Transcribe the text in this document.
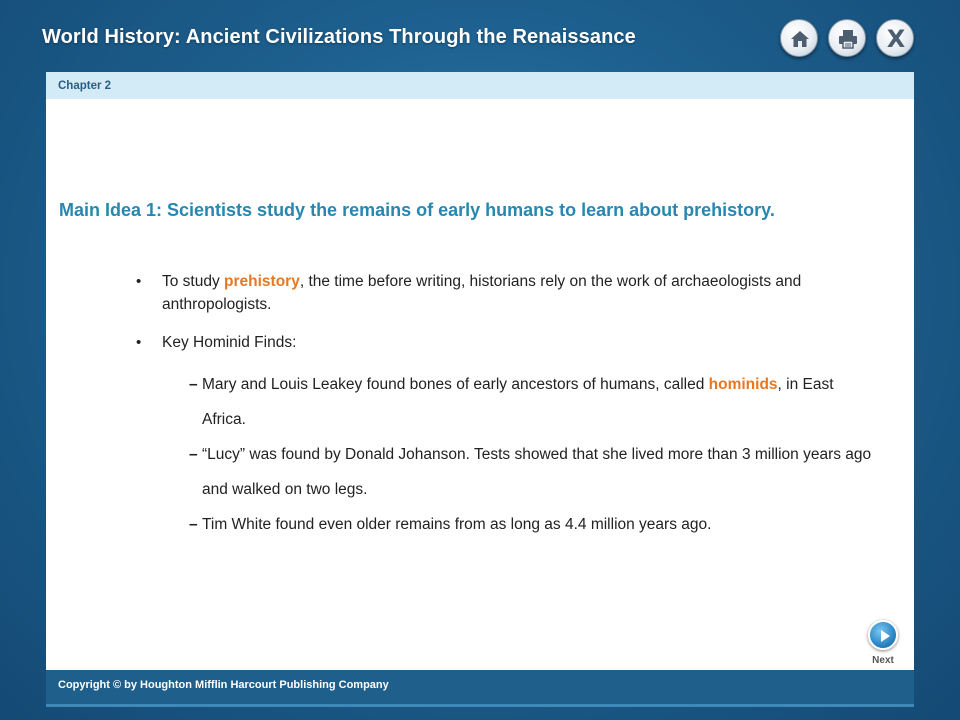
World History: Ancient Civilizations Through the Renaissance	X
Chapter 2
Main Idea 1: Scientists study the remains of early humans to learn about prehistory.
• To study prehistory, the time before writing, historians rely on the work of archaeologists and anthropologists.
• Key Hominid Finds:
– Mary and Louis Leakey found bones of early ancestors of humans, called hominids, in East Africa.
– “Lucy” was found by Donald Johanson. Tests showed that she lived more than 3 million years ago and walked on two legs.
– Tim White found even older remains from as long as 4.4 million years ago.
Next
Copyright © by Houghton Mifflin Harcourt Publishing Company
